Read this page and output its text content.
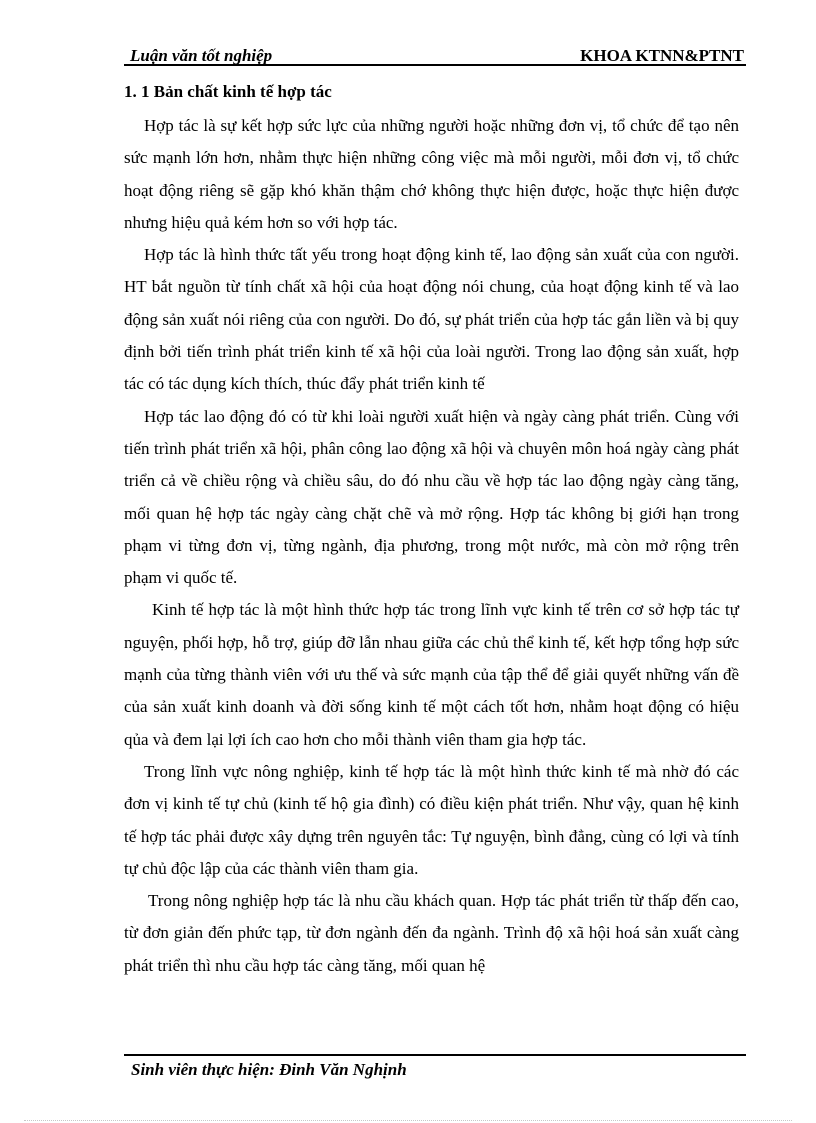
Luận văn tốt nghiệp	KHOA KTNN&PTNT
1. 1 Bản chất kinh tế hợp tác

Hợp tác là sự kết hợp sức lực của những người hoặc những đơn vị, tổ chức để tạo nên sức mạnh lớn hơn, nhằm thực hiện những công việc mà mỗi người, mỗi đơn vị, tổ chức hoạt động riêng sẽ gặp khó khăn thậm chớ không thực hiện được, hoặc thực hiện được nhưng hiệu quả kém hơn so với hợp tác.

Hợp tác là hình thức tất yếu trong hoạt động kinh tế, lao động sản xuất của con người. HT bắt nguồn từ tính chất xã hội của hoạt động nói chung, của hoạt động kinh tế và lao động sản xuất nói riêng của con người. Do đó, sự phát triển của hợp tác gắn liền và bị quy định bởi tiến trình phát triển kinh tế xã hội của loài người. Trong lao động sản xuất, hợp tác có tác dụng kích thích, thúc đẩy phát triển kinh tế

Hợp tác lao động đó có từ khi loài người xuất hiện và ngày càng phát triển. Cùng với tiến trình phát triển xã hội, phân công lao động xã hội và chuyên môn hoá ngày càng phát triển cả về chiều rộng và chiều sâu, do đó nhu cầu về hợp tác lao động ngày càng tăng, mối quan hệ hợp tác ngày càng chặt chẽ và mở rộng. Hợp tác không bị giới hạn trong phạm vi từng đơn vị, từng ngành, địa phương, trong một nước, mà còn mở rộng trên phạm vi quốc tế.

Kinh tế hợp tác là một hình thức hợp tác trong lĩnh vực kinh tế trên cơ sở hợp tác tự nguyện, phối hợp, hỗ trợ, giúp đỡ lẫn nhau giữa các chủ thể kinh tế, kết hợp tổng hợp sức mạnh của từng thành viên với ưu thế và sức mạnh của tập thể để giải quyết những vấn đề của sản xuất kinh doanh và đời sống kinh tế một cách tốt hơn, nhằm hoạt động có hiệu qủa và đem lại lợi ích cao hơn cho mỗi thành viên tham gia hợp tác.

Trong lĩnh vực nông nghiệp, kinh tế hợp tác là một hình thức kinh tế mà nhờ đó các đơn vị kinh tế tự chủ (kinh tế hộ gia đình) có điều kiện phát triển. Như vậy, quan hệ kinh tế hợp tác phải được xây dựng trên nguyên tắc: Tự nguyện, bình đẳng, cùng có lợi và tính tự chủ độc lập của các thành viên tham gia.

Trong nông nghiệp hợp tác là nhu cầu khách quan. Hợp tác phát triển từ thấp đến cao, từ đơn giản đến phức tạp, từ đơn ngành đến đa ngành. Trình độ xã hội hoá sản xuất càng phát triển thì nhu cầu hợp tác càng tăng, mối quan hệ

Sinh viên thực hiện: Đinh Văn Nghịnh
